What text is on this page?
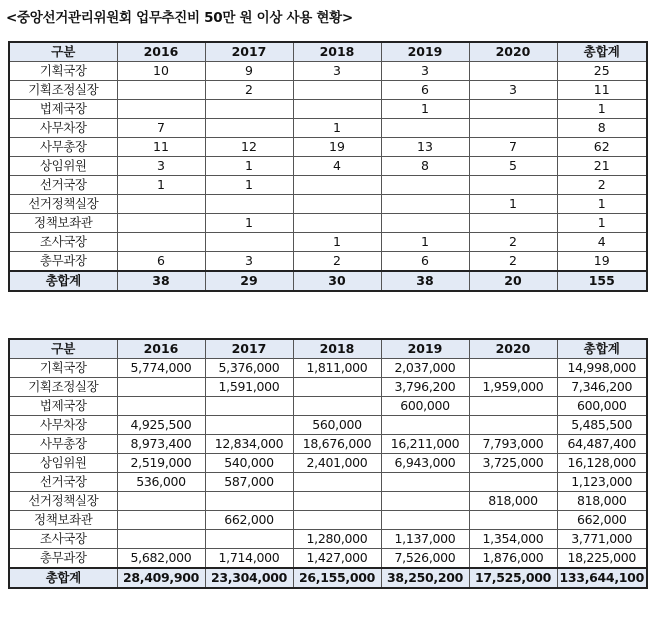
<중앙선거관리위원회 업무추진비 50만 원 이상 사용 현황>
구분	2016	2017	2018	2019	2020	총합계
기획국장	10	9	3	3		25
기획조정실장		2		6	3	11
법제국장				1		1
사무차장	7		1			8
사무총장	11	12	19	13	7	62
상임위원	3	1	4	8	5	21
선거국장	1	1				2
선거정책실장					1	1
정책보좌관		1				1
조사국장			1	1	2	4
총무과장	6	3	2	6	2	19
총합계	38	29	30	38	20	155
구분	2016	2017	2018	2019	2020	총합계
기획국장	5,774,000	5,376,000	1,811,000	2,037,000		14,998,000
기획조정실장		1,591,000		3,796,200	1,959,000	7,346,200
법제국장				600,000		600,000
사무차장	4,925,500		560,000			5,485,500
사무총장	8,973,400	12,834,000	18,676,000	16,211,000	7,793,000	64,487,400
상임위원	2,519,000	540,000	2,401,000	6,943,000	3,725,000	16,128,000
선거국장	536,000	587,000				1,123,000
선거정책실장					818,000	818,000
정책보좌관		662,000				662,000
조사국장			1,280,000	1,137,000	1,354,000	3,771,000
총무과장	5,682,000	1,714,000	1,427,000	7,526,000	1,876,000	18,225,000
총합계	28,409,900	23,304,000	26,155,000	38,250,200	17,525,000	133,644,100
